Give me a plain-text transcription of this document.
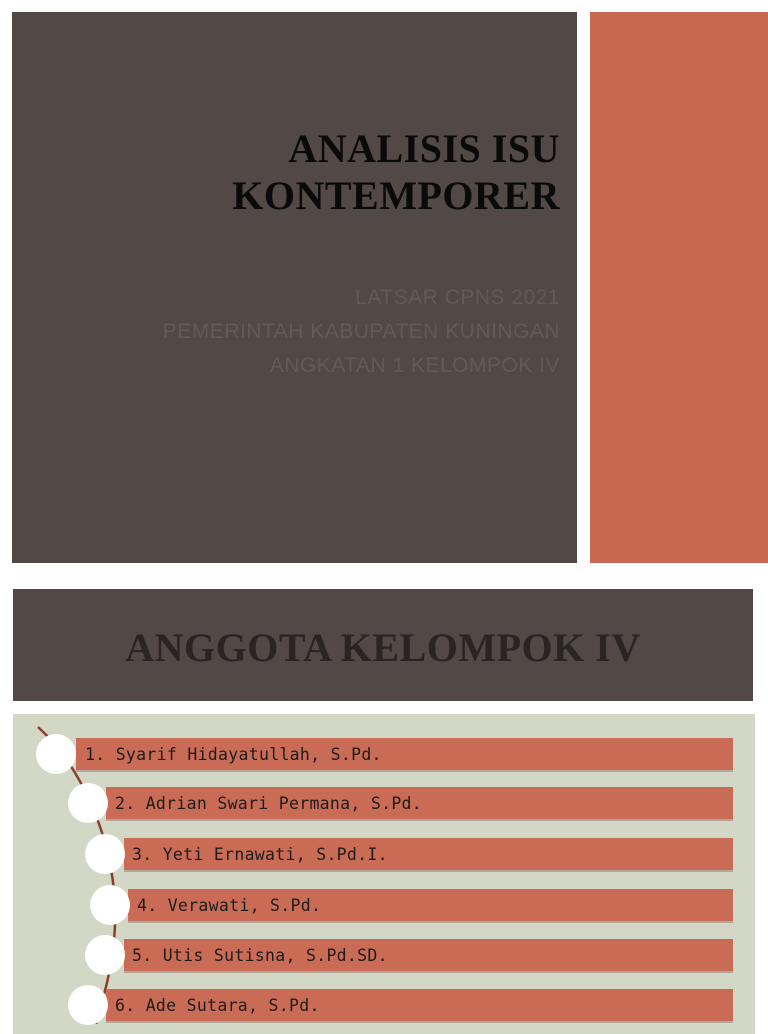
ANALISIS ISU
KONTEMPORER
LATSAR CPNS 2021
PEMERINTAH KABUPATEN KUNINGAN
ANGKATAN 1 KELOMPOK IV
ANGGOTA KELOMPOK IV
1. Syarif Hidayatullah, S.Pd.
2. Adrian Swari Permana, S.Pd.
3. Yeti Ernawati, S.Pd.I.
4. Verawati, S.Pd.
5. Utis Sutisna, S.Pd.SD.
6. Ade Sutara, S.Pd.
